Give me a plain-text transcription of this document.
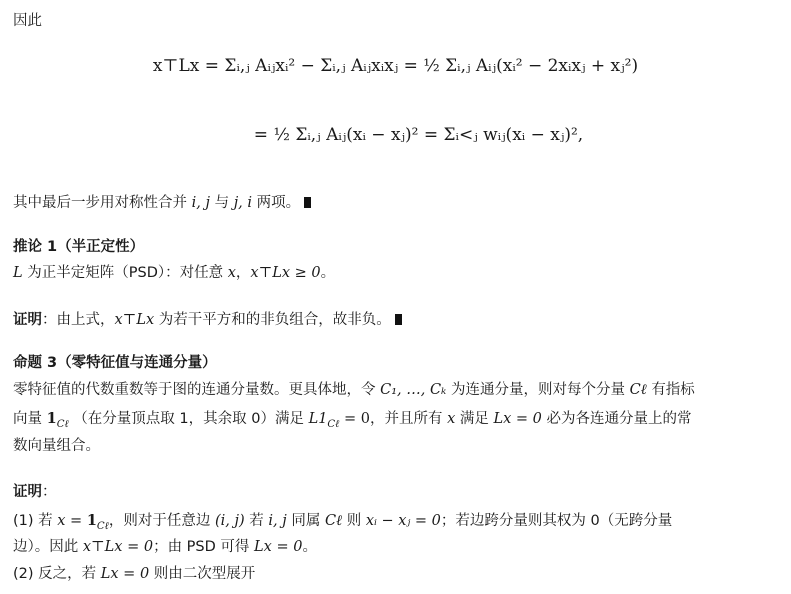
因此
x⊤Lx = Σᵢ,ⱼ Aᵢⱼxᵢ² − Σᵢ,ⱼ Aᵢⱼxᵢxⱼ = ½ Σᵢ,ⱼ Aᵢⱼ(xᵢ² − 2xᵢxⱼ + xⱼ²)
= ½ Σᵢ,ⱼ Aᵢⱼ(xᵢ − xⱼ)² = Σᵢ<ⱼ wᵢⱼ(xᵢ − xⱼ)²,
其中最后一步用对称性合并 i, j 与 j, i 两项。
推论 1（半正定性）
L 为正半定矩阵（PSD）：对任意 x，x⊤Lx ≥ 0。
证明：由上式，x⊤Lx 为若干平方和的非负组合，故非负。
命题 3（零特征值与连通分量）
零特征值的代数重数等于图的连通分量数。更具体地，令 C₁, …, Cₖ 为连通分量，则对每个分量 Cℓ 有指标
向量 $1_{C\ell}$ （在分量顶点取 1，其余取 0）满足 $L1_{C\ell} = 0$，并且所有 x 满足 Lx = 0 必为各连通分量上的常
数向量组合。
证明：
(1) 若 $x = 1_{C\ell}$，则对于任意边 (i, j) 若 i, j 同属 Cℓ 则 xᵢ − xⱼ = 0；若边跨分量则其权为 0（无跨分量
边）。因此 x⊤Lx = 0；由 PSD 可得 Lx = 0。
(2) 反之，若 Lx = 0 则由二次型展开
